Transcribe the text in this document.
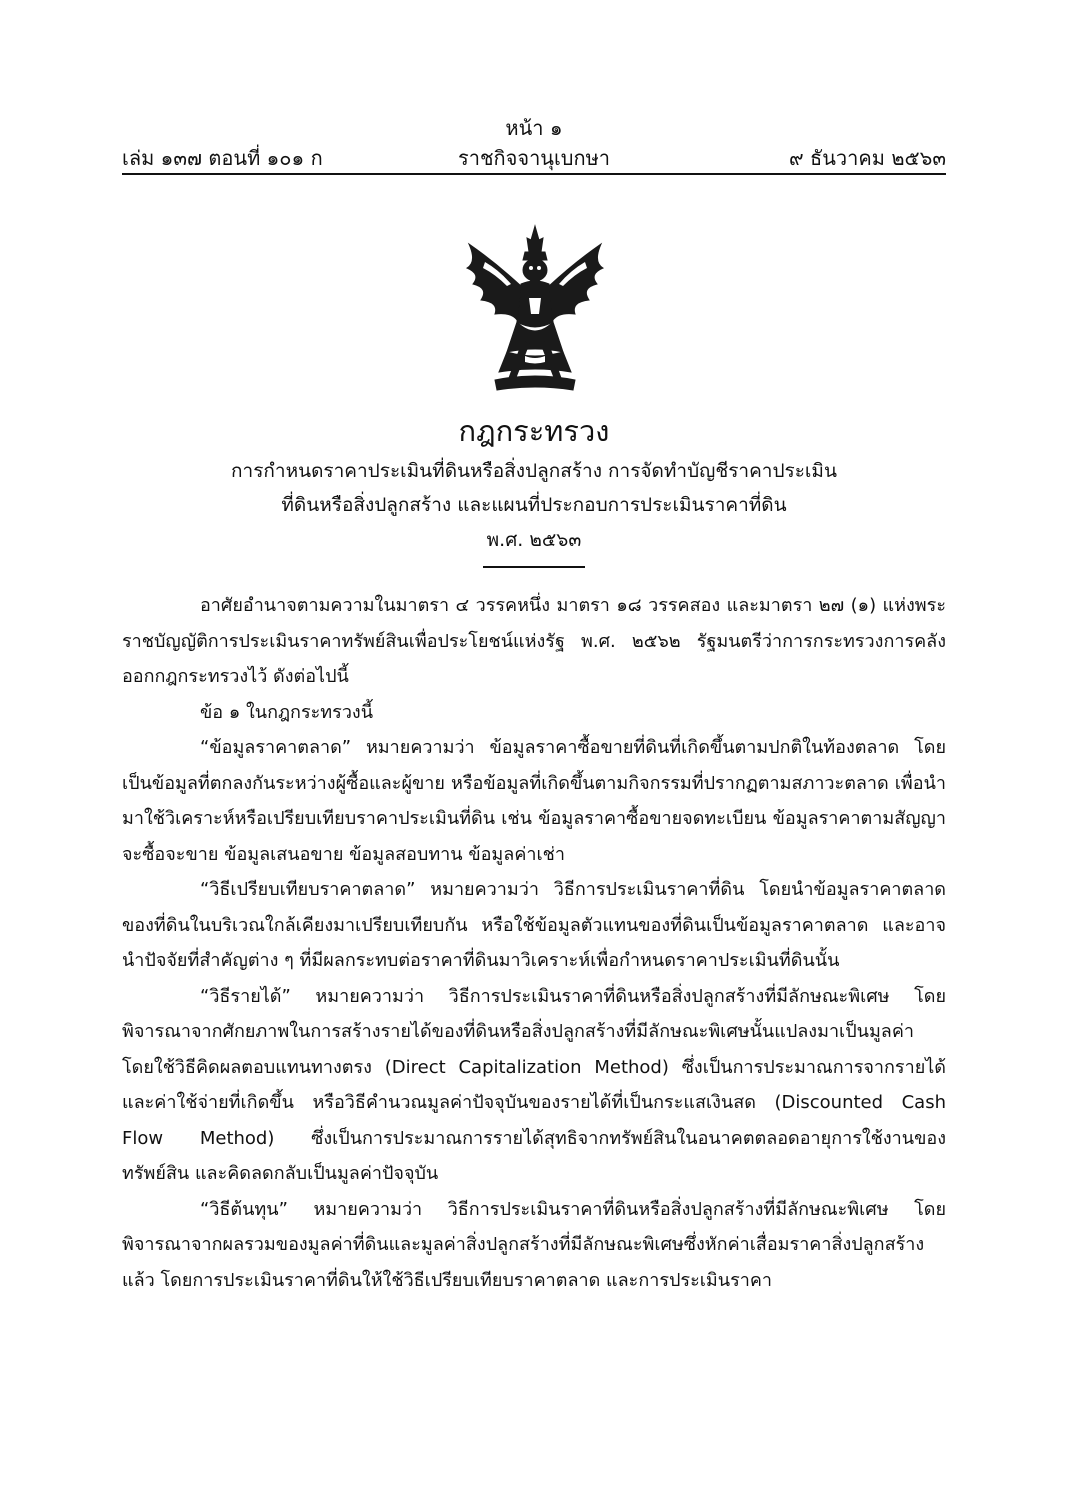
หน้า ๑
เล่ม ๑๓๗ ตอนที่ ๑๐๑ ก	ราชกิจจานุเบกษา	๙ ธันวาคม ๒๕๖๓
กฎกระทรวง
การกำหนดราคาประเมินที่ดินหรือสิ่งปลูกสร้าง การจัดทำบัญชีราคาประเมิน
ที่ดินหรือสิ่งปลูกสร้าง และแผนที่ประกอบการประเมินราคาที่ดิน
พ.ศ. ๒๕๖๓

อาศัยอำนาจตามความในมาตรา ๔ วรรคหนึ่ง มาตรา ๑๘ วรรคสอง และมาตรา ๒๗ (๑) แห่งพระราชบัญญัติการประเมินราคาทรัพย์สินเพื่อประโยชน์แห่งรัฐ พ.ศ. ๒๕๖๒ รัฐมนตรีว่าการกระทรวงการคลังออกกฎกระทรวงไว้ ดังต่อไปนี้

ข้อ ๑ ในกฎกระทรวงนี้

“ข้อมูลราคาตลาด” หมายความว่า ข้อมูลราคาซื้อขายที่ดินที่เกิดขึ้นตามปกติในท้องตลาด โดยเป็นข้อมูลที่ตกลงกันระหว่างผู้ซื้อและผู้ขาย หรือข้อมูลที่เกิดขึ้นตามกิจกรรมที่ปรากฏตามสภาวะตลาด เพื่อนำมาใช้วิเคราะห์หรือเปรียบเทียบราคาประเมินที่ดิน เช่น ข้อมูลราคาซื้อขายจดทะเบียน ข้อมูลราคาตามสัญญาจะซื้อจะขาย ข้อมูลเสนอขาย ข้อมูลสอบทาน ข้อมูลค่าเช่า

“วิธีเปรียบเทียบราคาตลาด” หมายความว่า วิธีการประเมินราคาที่ดิน โดยนำข้อมูลราคาตลาดของที่ดินในบริเวณใกล้เคียงมาเปรียบเทียบกัน หรือใช้ข้อมูลตัวแทนของที่ดินเป็นข้อมูลราคาตลาด และอาจนำปัจจัยที่สำคัญต่าง ๆ ที่มีผลกระทบต่อราคาที่ดินมาวิเคราะห์เพื่อกำหนดราคาประเมินที่ดินนั้น

“วิธีรายได้” หมายความว่า วิธีการประเมินราคาที่ดินหรือสิ่งปลูกสร้างที่มีลักษณะพิเศษ โดยพิจารณาจากศักยภาพในการสร้างรายได้ของที่ดินหรือสิ่งปลูกสร้างที่มีลักษณะพิเศษนั้นแปลงมาเป็นมูลค่า โดยใช้วิธีคิดผลตอบแทนทางตรง (Direct Capitalization Method) ซึ่งเป็นการประมาณการจากรายได้และค่าใช้จ่ายที่เกิดขึ้น หรือวิธีคำนวณมูลค่าปัจจุบันของรายได้ที่เป็นกระแสเงินสด (Discounted Cash Flow Method) ซึ่งเป็นการประมาณการรายได้สุทธิจากทรัพย์สินในอนาคตตลอดอายุการใช้งานของทรัพย์สิน และคิดลดกลับเป็นมูลค่าปัจจุบัน

“วิธีต้นทุน” หมายความว่า วิธีการประเมินราคาที่ดินหรือสิ่งปลูกสร้างที่มีลักษณะพิเศษ โดยพิจารณาจากผลรวมของมูลค่าที่ดินและมูลค่าสิ่งปลูกสร้างที่มีลักษณะพิเศษซึ่งหักค่าเสื่อมราคาสิ่งปลูกสร้างแล้ว โดยการประเมินราคาที่ดินให้ใช้วิธีเปรียบเทียบราคาตลาด และการประเมินราคา
